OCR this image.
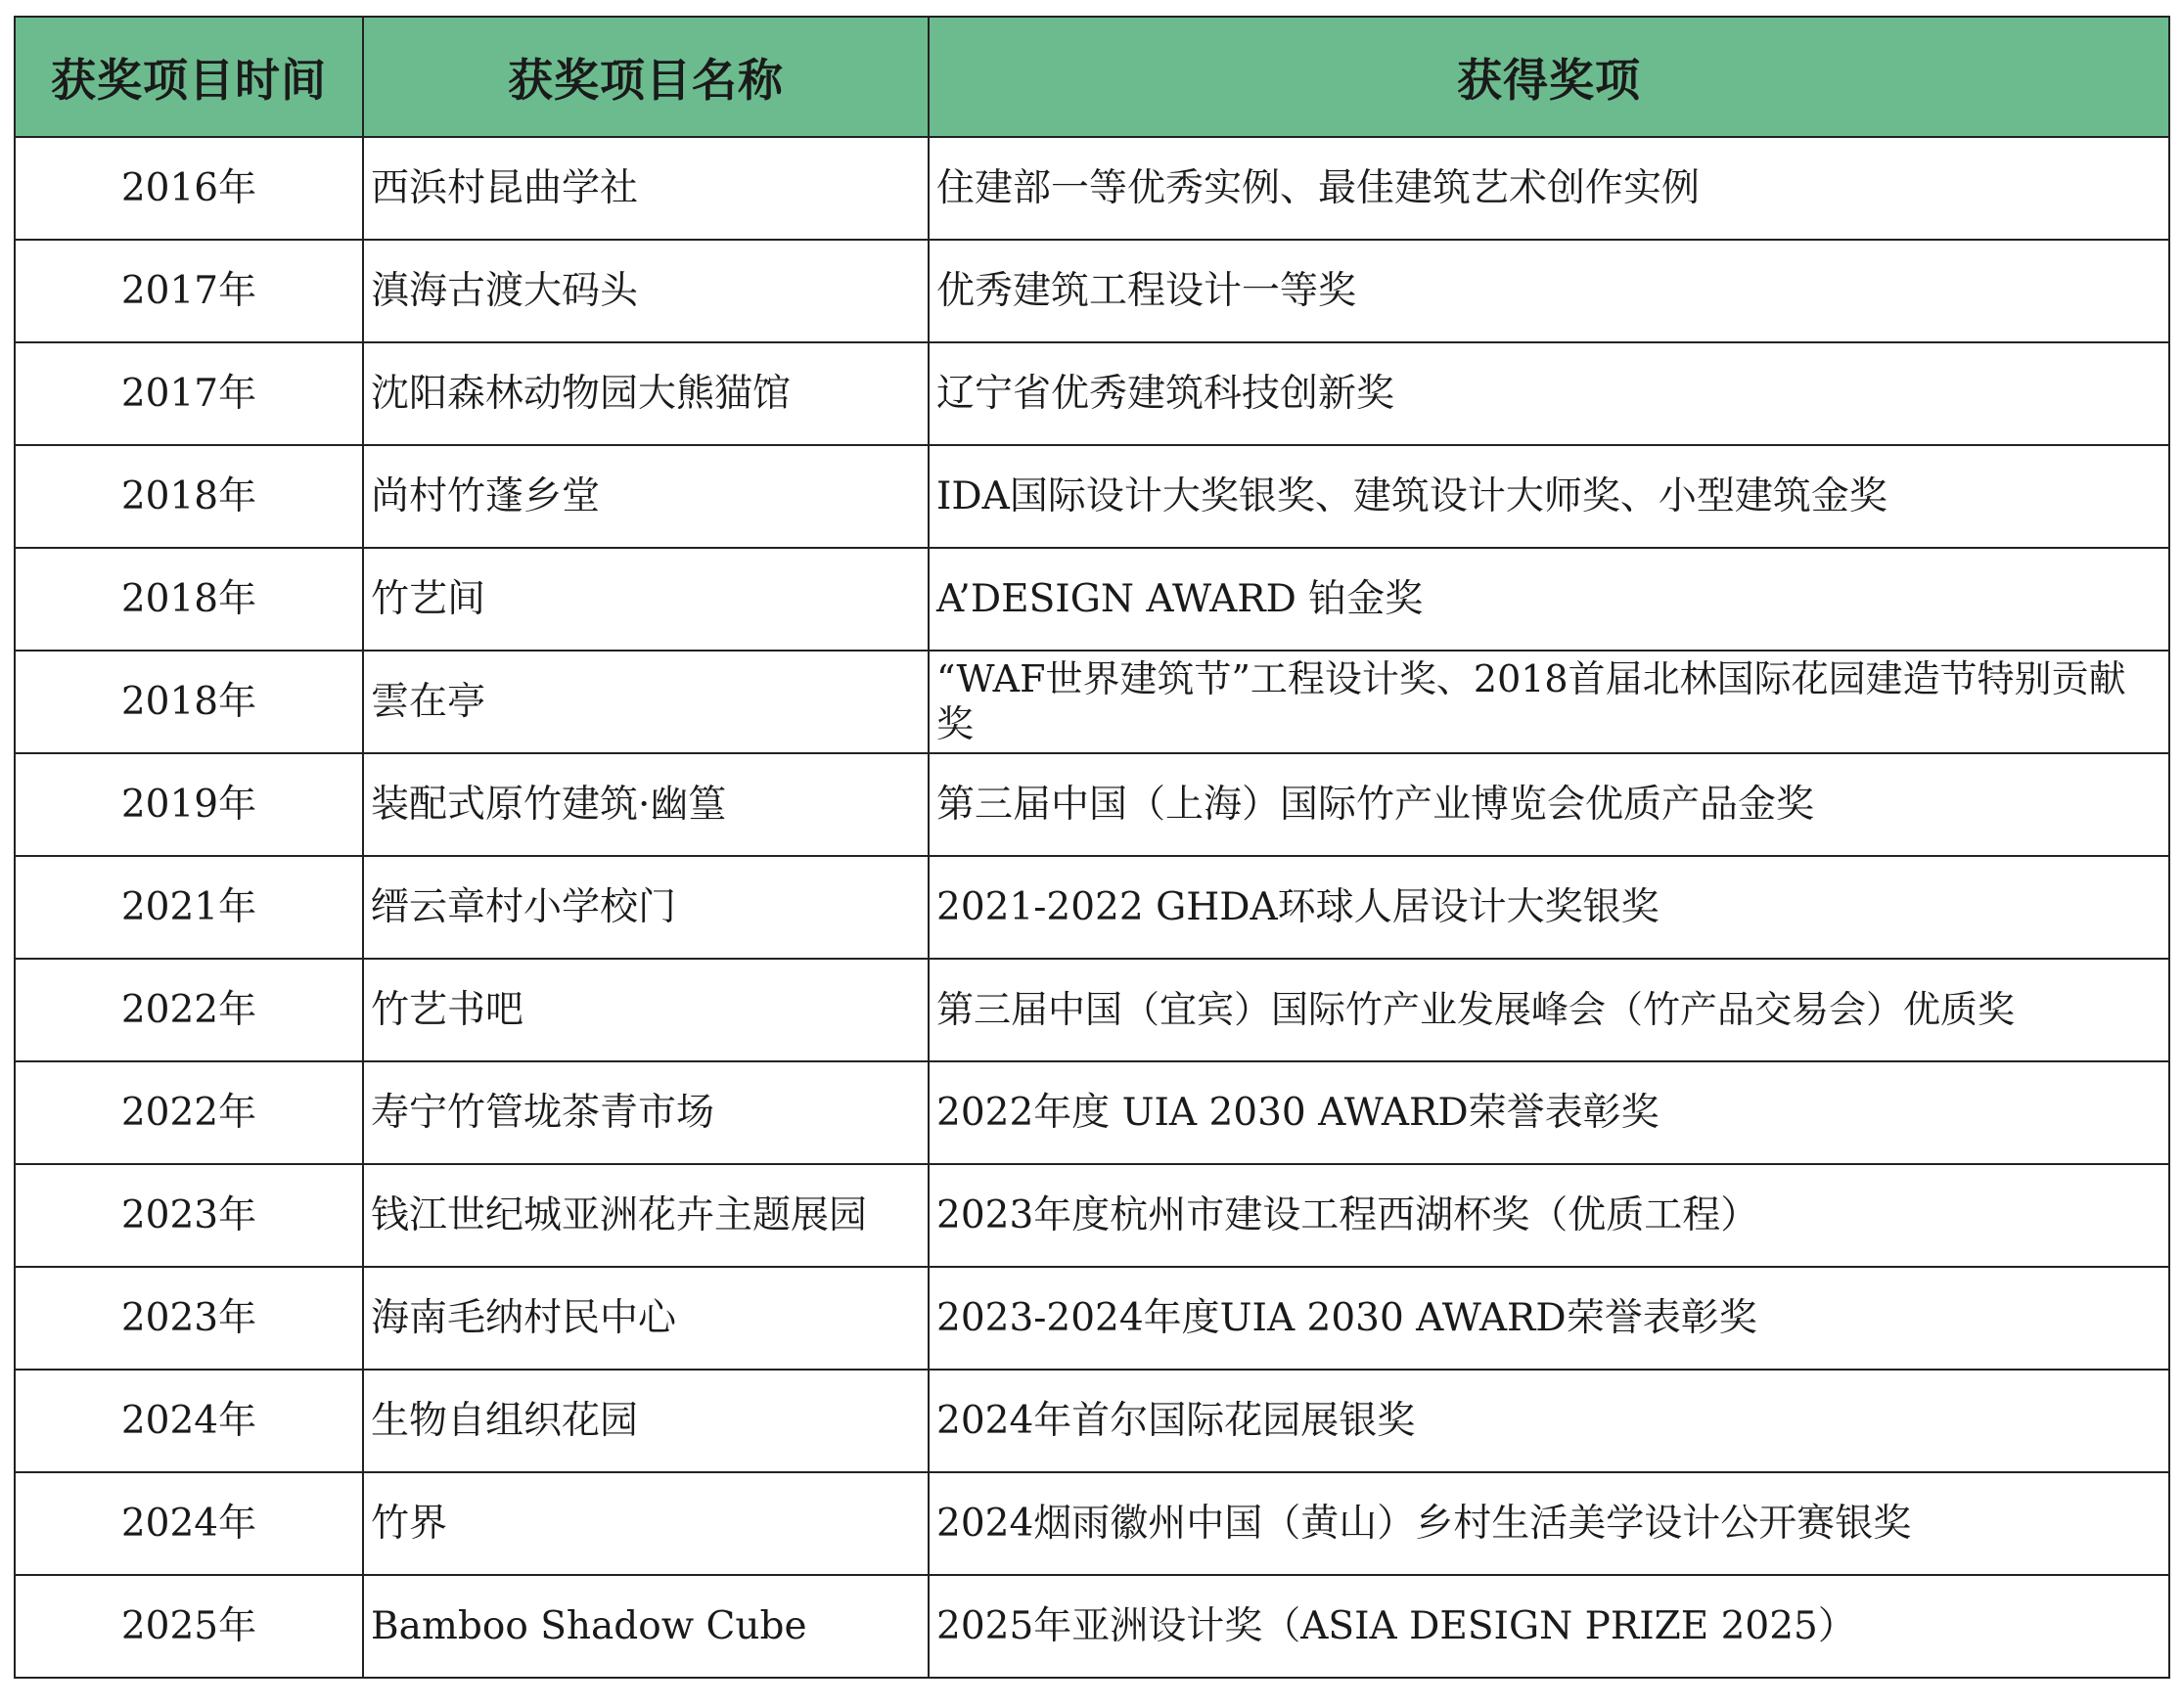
获奖项目时间	获奖项目名称	获得奖项
2016年	西浜村昆曲学社	住建部一等优秀实例、最佳建筑艺术创作实例
2017年	滇海古渡大码头	优秀建筑工程设计一等奖
2017年	沈阳森林动物园大熊猫馆	辽宁省优秀建筑科技创新奖
2018年	尚村竹蓬乡堂	IDA国际设计大奖银奖、建筑设计大师奖、小型建筑金奖
2018年	竹艺间	A’DESIGN AWARD 铂金奖
2018年	雲在亭	“WAF世界建筑节”工程设计奖、2018首届北林国际花园建造节特别贡献奖
2019年	装配式原竹建筑·幽篁	第三届中国（上海）国际竹产业博览会优质产品金奖
2021年	缙云章村小学校门	2021-2022 GHDA环球人居设计大奖银奖
2022年	竹艺书吧	第三届中国（宜宾）国际竹产业发展峰会（竹产品交易会）优质奖
2022年	寿宁竹管垅茶青市场	2022年度 UIA 2030 AWARD荣誉表彰奖
2023年	钱江世纪城亚洲花卉主题展园	2023年度杭州市建设工程西湖杯奖（优质工程）
2023年	海南毛纳村民中心	2023-2024年度UIA 2030 AWARD荣誉表彰奖
2024年	生物自组织花园	2024年首尔国际花园展银奖
2024年	竹界	2024烟雨徽州中国（黄山）乡村生活美学设计公开赛银奖
2025年	Bamboo Shadow Cube	2025年亚洲设计奖（ASIA DESIGN PRIZE 2025）
